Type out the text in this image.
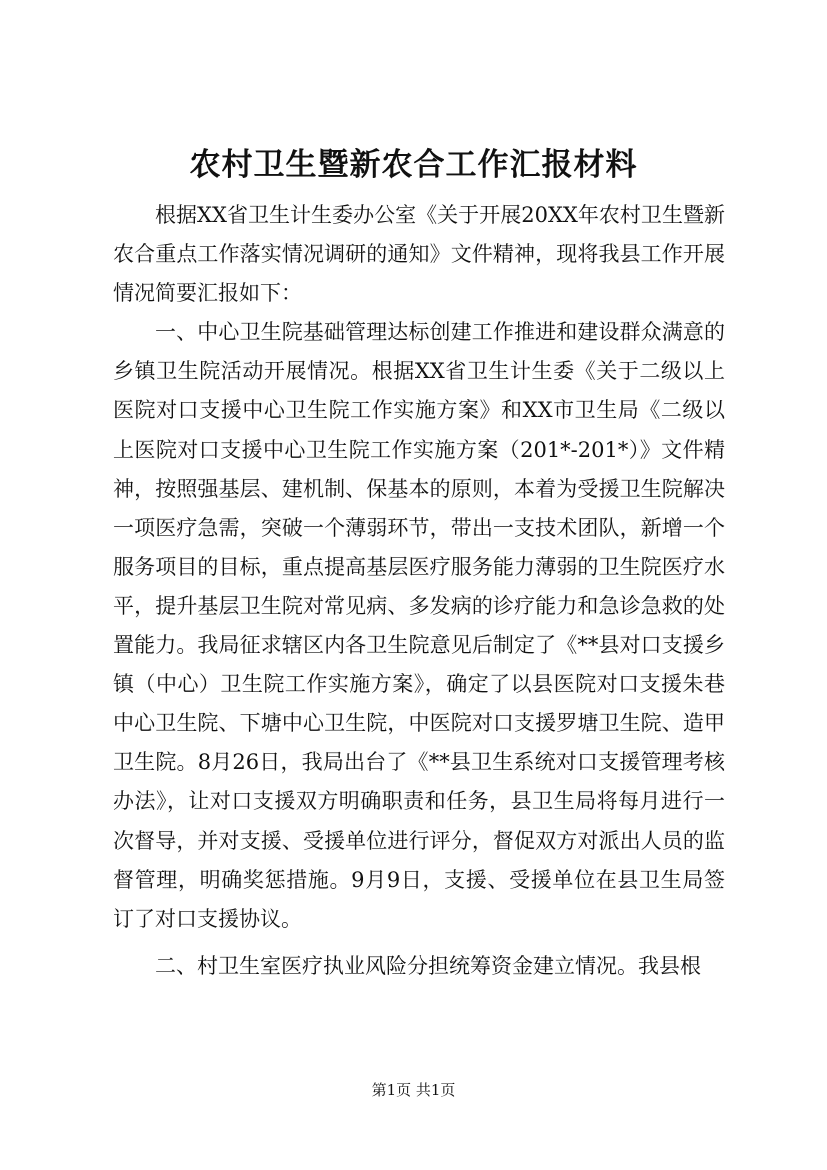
农村卫生暨新农合工作汇报材料

根据XX省卫生计生委办公室《关于开展20XX年农村卫生暨新农合重点工作落实情况调研的通知》文件精神，现将我县工作开展情况简要汇报如下：

一、中心卫生院基础管理达标创建工作推进和建设群众满意的乡镇卫生院活动开展情况。根据XX省卫生计生委《关于二级以上医院对口支援中心卫生院工作实施方案》和XX市卫生局《二级以上医院对口支援中心卫生院工作实施方案（201*-201*）》文件精神，按照强基层、建机制、保基本的原则，本着为受援卫生院解决一项医疗急需，突破一个薄弱环节，带出一支技术团队，新增一个服务项目的目标，重点提高基层医疗服务能力薄弱的卫生院医疗水平，提升基层卫生院对常见病、多发病的诊疗能力和急诊急救的处置能力。我局征求辖区内各卫生院意见后制定了《**县对口支援乡镇（中心）卫生院工作实施方案》，确定了以县医院对口支援朱巷中心卫生院、下塘中心卫生院，中医院对口支援罗塘卫生院、造甲卫生院。8月26日，我局出台了《**县卫生系统对口支援管理考核办法》，让对口支援双方明确职责和任务，县卫生局将每月进行一次督导，并对支援、受援单位进行评分，督促双方对派出人员的监督管理，明确奖惩措施。9月9日，支援、受援单位在县卫生局签订了对口支援协议。

二、村卫生室医疗执业风险分担统筹资金建立情况。我县根

第1页 共1页
